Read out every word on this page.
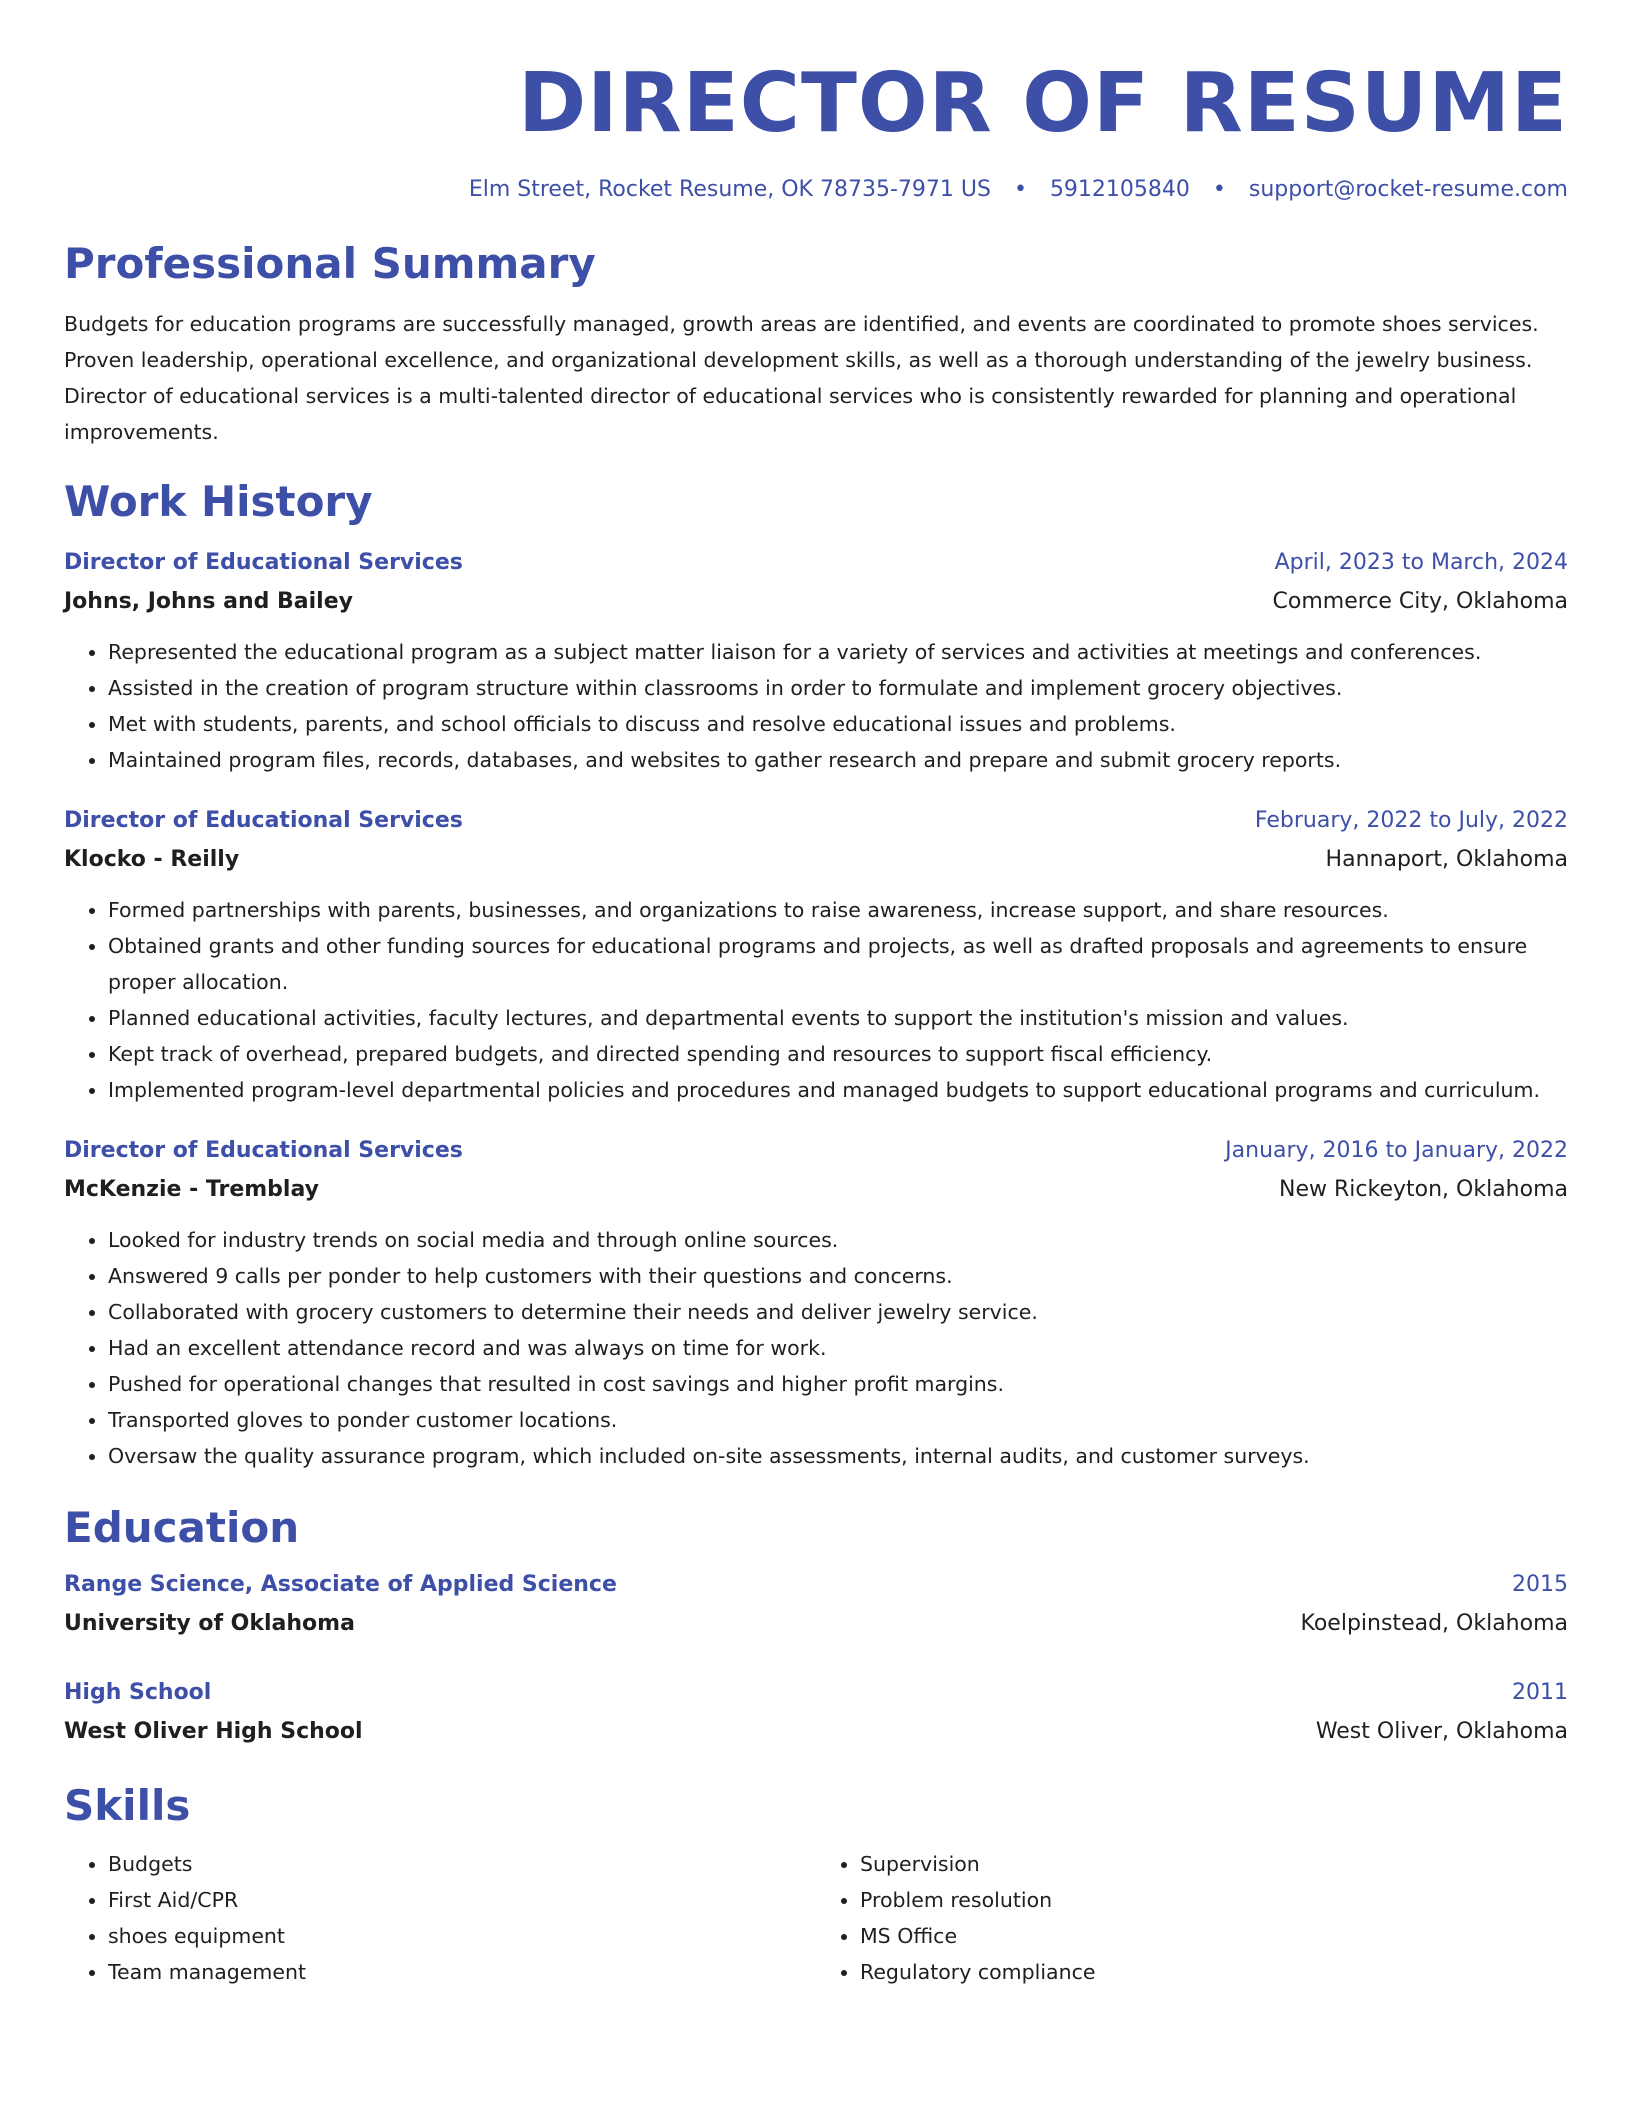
DIRECTOR OF RESUME
Elm Street, Rocket Resume, OK 78735-7971 US • 5912105840 • support@rocket-resume.com
Professional Summary
Budgets for education programs are successfully managed, growth areas are identified, and events are coordinated to promote shoes services. Proven leadership, operational excellence, and organizational development skills, as well as a thorough understanding of the jewelry business. Director of educational services is a multi-talented director of educational services who is consistently rewarded for planning and operational improvements.
Work History
Director of Educational Services	April, 2023 to March, 2024
Johns, Johns and Bailey	Commerce City, Oklahoma
• Represented the educational program as a subject matter liaison for a variety of services and activities at meetings and conferences.
• Assisted in the creation of program structure within classrooms in order to formulate and implement grocery objectives.
• Met with students, parents, and school officials to discuss and resolve educational issues and problems.
• Maintained program files, records, databases, and websites to gather research and prepare and submit grocery reports.
Director of Educational Services	February, 2022 to July, 2022
Klocko - Reilly	Hannaport, Oklahoma
• Formed partnerships with parents, businesses, and organizations to raise awareness, increase support, and share resources.
• Obtained grants and other funding sources for educational programs and projects, as well as drafted proposals and agreements to ensure proper allocation.
• Planned educational activities, faculty lectures, and departmental events to support the institution's mission and values.
• Kept track of overhead, prepared budgets, and directed spending and resources to support fiscal efficiency.
• Implemented program-level departmental policies and procedures and managed budgets to support educational programs and curriculum.
Director of Educational Services	January, 2016 to January, 2022
McKenzie - Tremblay	New Rickeyton, Oklahoma
• Looked for industry trends on social media and through online sources.
• Answered 9 calls per ponder to help customers with their questions and concerns.
• Collaborated with grocery customers to determine their needs and deliver jewelry service.
• Had an excellent attendance record and was always on time for work.
• Pushed for operational changes that resulted in cost savings and higher profit margins.
• Transported gloves to ponder customer locations.
• Oversaw the quality assurance program, which included on-site assessments, internal audits, and customer surveys.
Education
Range Science, Associate of Applied Science	2015
University of Oklahoma	Koelpinstead, Oklahoma
High School	2011
West Oliver High School	West Oliver, Oklahoma
Skills
• Budgets
• First Aid/CPR
• shoes equipment
• Team management
• Supervision
• Problem resolution
• MS Office
• Regulatory compliance
